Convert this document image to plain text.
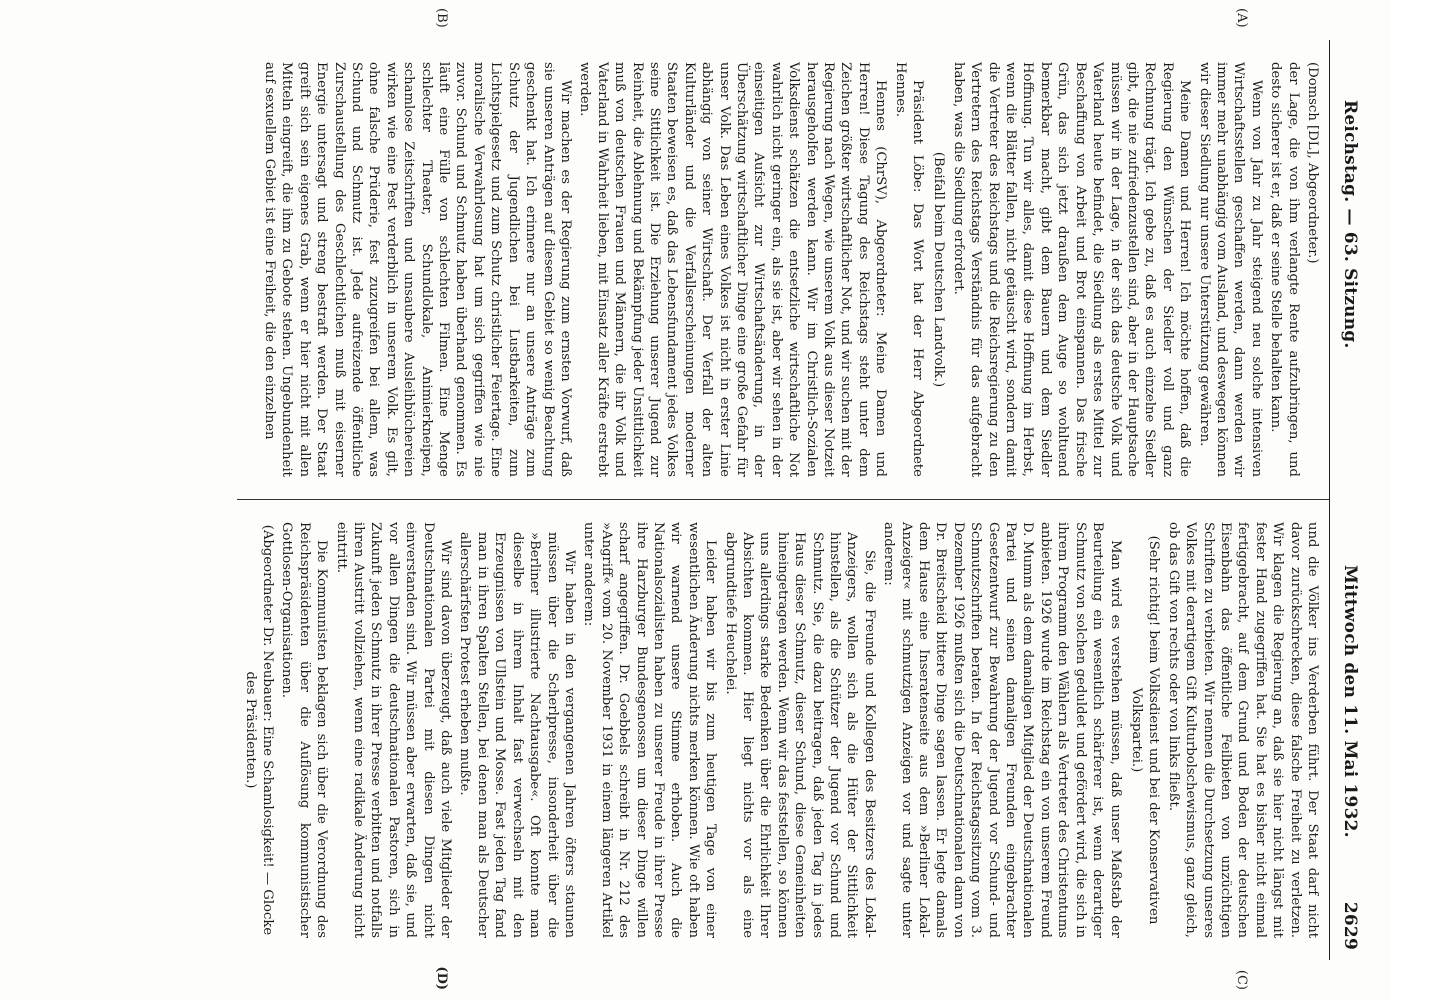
Reichstag. — 63. Sitzung.
Mittwoch den 11. Mai 1932.
2629
(A)
(B)
(C)
(D)

(Domsch [DL], Abgeordneter.)

der Lage, die von ihm verlangte Rente aufzubringen, und desto sicherer ist er, daß er seine Stelle behalten kann.

Wenn von Jahr zu Jahr steigend neu solche intensiven Wirtschaftsstellen geschaffen werden, dann werden wir immer mehr unabhängig vom Ausland, und deswegen können wir dieser Siedlung nur unsere Unterstützung gewähren.

Meine Damen und Herren! Ich möchte hoffen, daß die Regierung den Wünschen der Siedler voll und ganz Rechnung trägt. Ich gebe zu, daß es auch einzelne Siedler gibt, die nie zufriedenzustellen sind, aber in der Hauptsache müssen wir in der Lage, in der sich das deutsche Volk und Vaterland heute befindet, die Siedlung als erstes Mittel zur Beschaffung von Arbeit und Brot einspannen. Das frische Grün, das sich jetzt draußen dem Auge so wohltuend bemerkbar macht, gibt dem Bauern und dem Siedler Hoffnung. Tun wir alles, damit diese Hoffnung im Herbst, wenn die Blätter fallen, nicht getäuscht wird, sondern damit die Vertreter des Reichstags und die Reichsregierung zu den Vertretern des Reichstags Verständnis für das aufgebracht haben, was die Siedlung erfordert.

(Beifall beim Deutschen Landvolk.)

Präsident Löbe: Das Wort hat der Herr Abgeordnete Hennes.

Hennes (ChrSV), Abgeordneter: Meine Damen und Herren! Diese Tagung des Reichstags steht unter dem Zeichen größter wirtschaftlicher Not, und wir suchen mit der Regierung nach Wegen, wie unserem Volk aus dieser Notzeit herausgeholfen werden kann. Wir im Christlich-Sozialen Volksdienst schätzen die entsetzliche wirtschaftliche Not wahrlich nicht geringer ein, als sie ist, aber wir sehen in der einseitigen Aufsicht zur Wirtschaftsänderung, in der Überschätzung wirtschaftlicher Dinge eine große Gefahr für unser Volk. Das Leben eines Volkes ist nicht in erster Linie abhängig von seiner Wirtschaft. Der Verfall der alten Kulturländer und die Verfallserscheinungen moderner Staaten beweisen es, daß das Lebensfundament jedes Volkes seine Sittlichkeit ist. Die Erziehung unserer Jugend zur Reinheit, die Ablehnung und Bekämpfung jeder Unsittlichkeit muß von deutschen Frauen und Männern, die ihr Volk und Vaterland in Wahrheit lieben, mit Einsatz aller Kräfte erstrebt werden.

Wir machen es der Regierung zum ernsten Vorwurf, daß sie unseren Anträgen auf diesem Gebiet so wenig Beachtung geschenkt hat. Ich erinnere nur an unsere Anträge zum Schutz der Jugendlichen bei Lustbarkeiten, zum Lichtspielgesetz und zum Schutz christlicher Feiertage. Eine moralische Verwahrlosung hat um sich gegriffen wie nie zuvor. Schund und Schmutz haben überhand genommen. Es läuft eine Fülle von schlechten Filmen. Eine Menge schlechter Theater, Schundlokale, Animierkneipen, schamlose Zeitschriften und unsaubere Ausleihbüchereien wirken wie eine Pest verderblich in unserem Volk. Es gilt, ohne falsche Prüderie, fest zuzugreifen bei allem, was Schund und Schmutz ist. Jede aufreizende öffentliche Zurschaustellung des Geschlechtlichen muß mit eiserner Energie untersagt und streng bestraft werden. Der Staat greift sich sein eigenes Grab, wenn er hier nicht mit allen Mitteln eingreift, die ihm zu Gebote stehen. Ungebundenheit auf sexuellem Gebiet ist eine Freiheit, die den einzelnen

und die Völker ins Verderben führt. Der Staat darf nicht davor zurückschrecken, diese falsche Freiheit zu verletzen. Wir klagen die Regierung an, daß sie hier nicht längst mit fester Hand zugegriffen hat. Sie hat es bisher nicht einmal fertiggebracht, auf dem Grund und Boden der deutschen Eisenbahn das öffentliche Feilbieten von unzüchtigen Schriften zu verbieten. Wir nennen die Durchsetzung unseres Volkes mit derartigem Gift Kulturbolschewismus, ganz gleich, ob das Gift von rechts oder von links fließt.

(Sehr richtig! beim Volksdienst und bei der Konservativen Volkspartei.)

Man wird es verstehen müssen, daß unser Maßstab der Beurteilung ein wesentlich schärferer ist, wenn derartiger Schmutz von solchen geduldet und gefördert wird, die sich in ihrem Programm den Wählern als Vertreter des Christentums anbieten. 1926 wurde im Reichstag ein von unserem Freund D. Mumm als dem damaligen Mitglied der Deutschnationalen Partei und seinen damaligen Freunden eingebrachter Gesetzentwurf zur Bewahrung der Jugend vor Schund- und Schmutzschriften beraten. In der Reichstagssitzung vom 3. Dezember 1926 mußten sich die Deutschnationalen dann von Dr. Breitscheid bittere Dinge sagen lassen. Er legte damals dem Hause eine Inseratenseite aus dem »Berliner Lokal-Anzeiger« mit schmutzigen Anzeigen vor und sagte unter anderem:

Sie, die Freunde und Kollegen des Besitzers des Lokal-Anzeigers, wollen sich als die Hüter der Sittlichkeit hinstellen, als die Schützer der Jugend vor Schund und Schmutz. Sie, die dazu beitragen, daß jeden Tag in jedes Haus dieser Schmutz, dieser Schund, diese Gemeinheiten hineingetragen werden. Wenn wir das feststellen, so können uns allerdings starke Bedenken über die Ehrlichkeit Ihrer Absichten kommen. Hier liegt nichts vor als eine abgrundtiefe Heuchelei.

Leider haben wir bis zum heutigen Tage von einer wesentlichen Änderung nichts merken können. Wie oft haben wir warnend unsere Stimme erhoben. Auch die Nationalsozialisten haben zu unserer Freude in ihrer Presse ihre Harzburger Bundesgenossen um dieser Dinge willen scharf angegriffen. Dr. Goebbels schreibt in Nr. 212 des »Angriff« vom 20. November 1931 in einem längeren Artikel unter anderem:

Wir haben in den vergangenen Jahren öfters staunen müssen über die Scherlpresse, insonderheit über die »Berliner illustrierte Nachtausgabe«. Oft konnte man dieselbe in ihrem Inhalt fast verwechseln mit den Erzeugnissen von Ullstein und Mosse. Fast jeden Tag fand man in ihren Spalten Stellen, bei denen man als Deutscher allerschärfsten Protest erheben mußte.

Wir sind davon überzeugt, daß auch viele Mitglieder der Deutschnationalen Partei mit diesen Dingen nicht einverstanden sind. Wir müssen aber erwarten, daß sie, und vor allen Dingen die deutschnationalen Pastoren, sich in Zukunft jeden Schmutz in ihrer Presse verbitten und notfalls ihren Austritt vollziehen, wenn eine radikale Änderung nicht eintritt.

Die Kommunisten beklagen sich über die Verordnung des Reichspräsidenten über die Auflösung kommunistischer Gottlosen-Organisationen.

(Abgeordneter Dr. Neubauer: Eine Schamlosigkeit! — Glocke des Präsidenten.)
